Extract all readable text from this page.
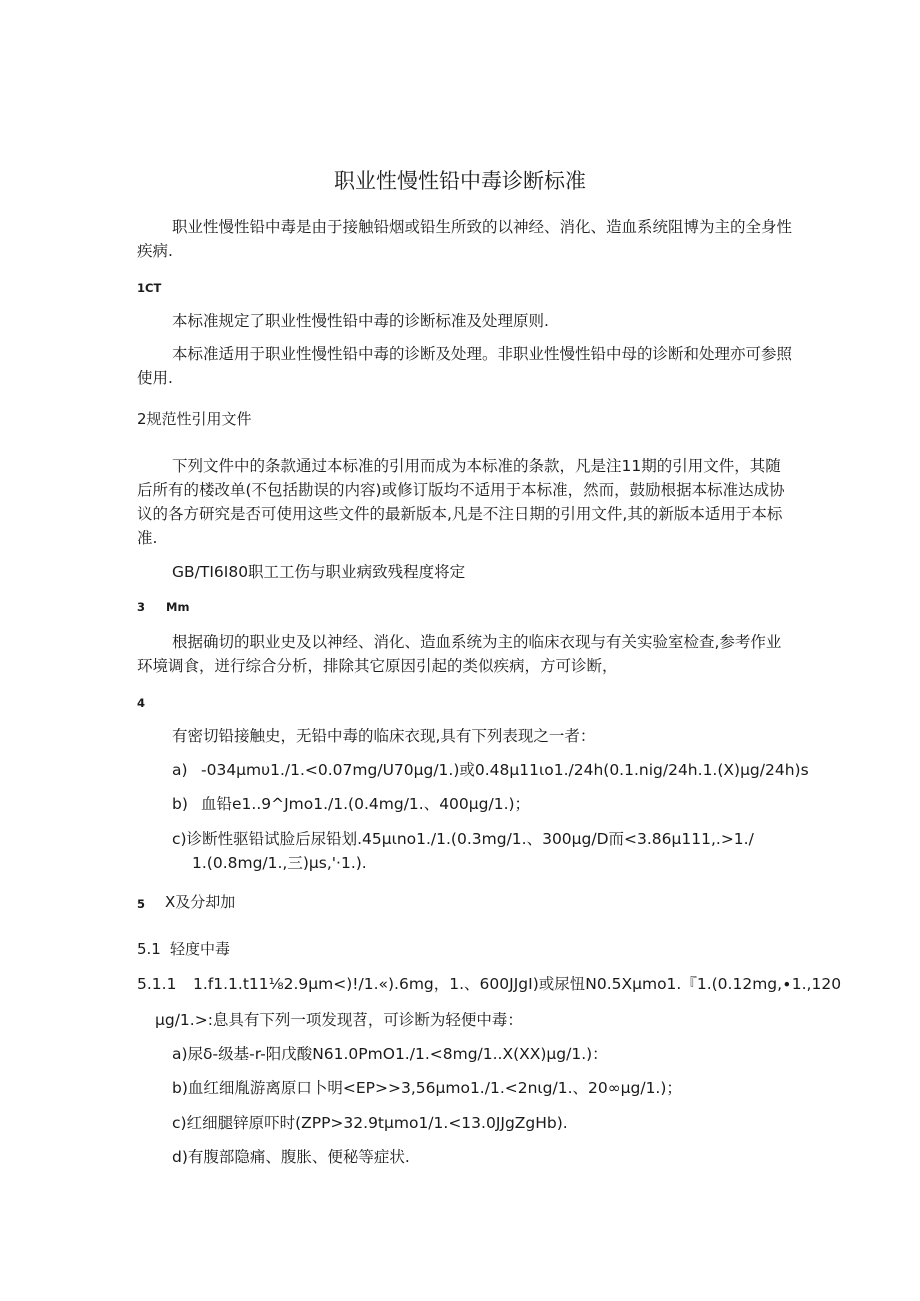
职业性慢性铅中毒诊断标准
职业性慢性铅中毒是由于接触铅烟或铅生所致的以神经、消化、造血系统阻博为主的全身性
疾病.
1CT
本标准规定了职业性慢性铅中毒的诊断标准及处理原则.
本标准适用于职业性慢性铅中毒的诊断及处理。非职业性慢性铅中母的诊断和处理亦可参照
使用.
2规范性引用文件
下列文件中的条款通过本标准的引用而成为本标准的条款，凡是注11期的引用文件，其随
后所有的楼改单(不包括勘误的内容)或修订版均不适用于本标准，然而，鼓励根据本标准达成协
议的各方研究是否可使用这些文件的最新版本,凡是不注日期的引用文件,其的新版本适用于本标
准.
GB/TI6I80职工工伤与职业病致残程度将定
3 Mm
根据确切的职业史及以神经、消化、造血系统为主的临床衣现与有关实验室检查,参考作业
环境调食，迸行综合分析，排除其它原因引起的类似疾病，方可诊断，
4
有密切铅接触史，无铅中毒的临床衣现,具有下列表现之一者：
a) -034μmυ1./1.<0.07mg/U70μg/1.)或0.48μ11ιo1./24h(0.1.nig/24h.1.(X)μg∕24h)s
b) 血铅e1..9^Jmo1./1.(0.4mg/1.、400μg/1.)；
c)诊断性驱铅试脸后尿铅划.45μιno1./1.(0.3mg/1.、300μg∕D而<3.86μ111,.>1./
1.(0.8mg/1.,三)μs,'·1.).
5 X及分却加
5.1 轻度中毒
5.1.1 1.f1.1.t11⅛2.9μm<)!/1.«).6mg，1.、600JJgI)或尿忸N0.5Xμmo1.『1.(0.12mg,∙1.,120
μg∕1.>:息具有下列一项发现苕，可诊断为轻便中毒：
a)尿δ-级基-r-阳戊酸N61.0PmO1./1.<8mg∕1..X(XX)μg∕1.)：
b)血红细胤游离原口卜明<EP>>3,56μmo1./1.<2nιg∕1.、20∞μg∕1.)；
c)红细腿锌原吓时(ZPP>32.9tμmo1∕1.<13.0JJgZgHb).
d)有腹部隐痛、腹胀、便秘等症状.
